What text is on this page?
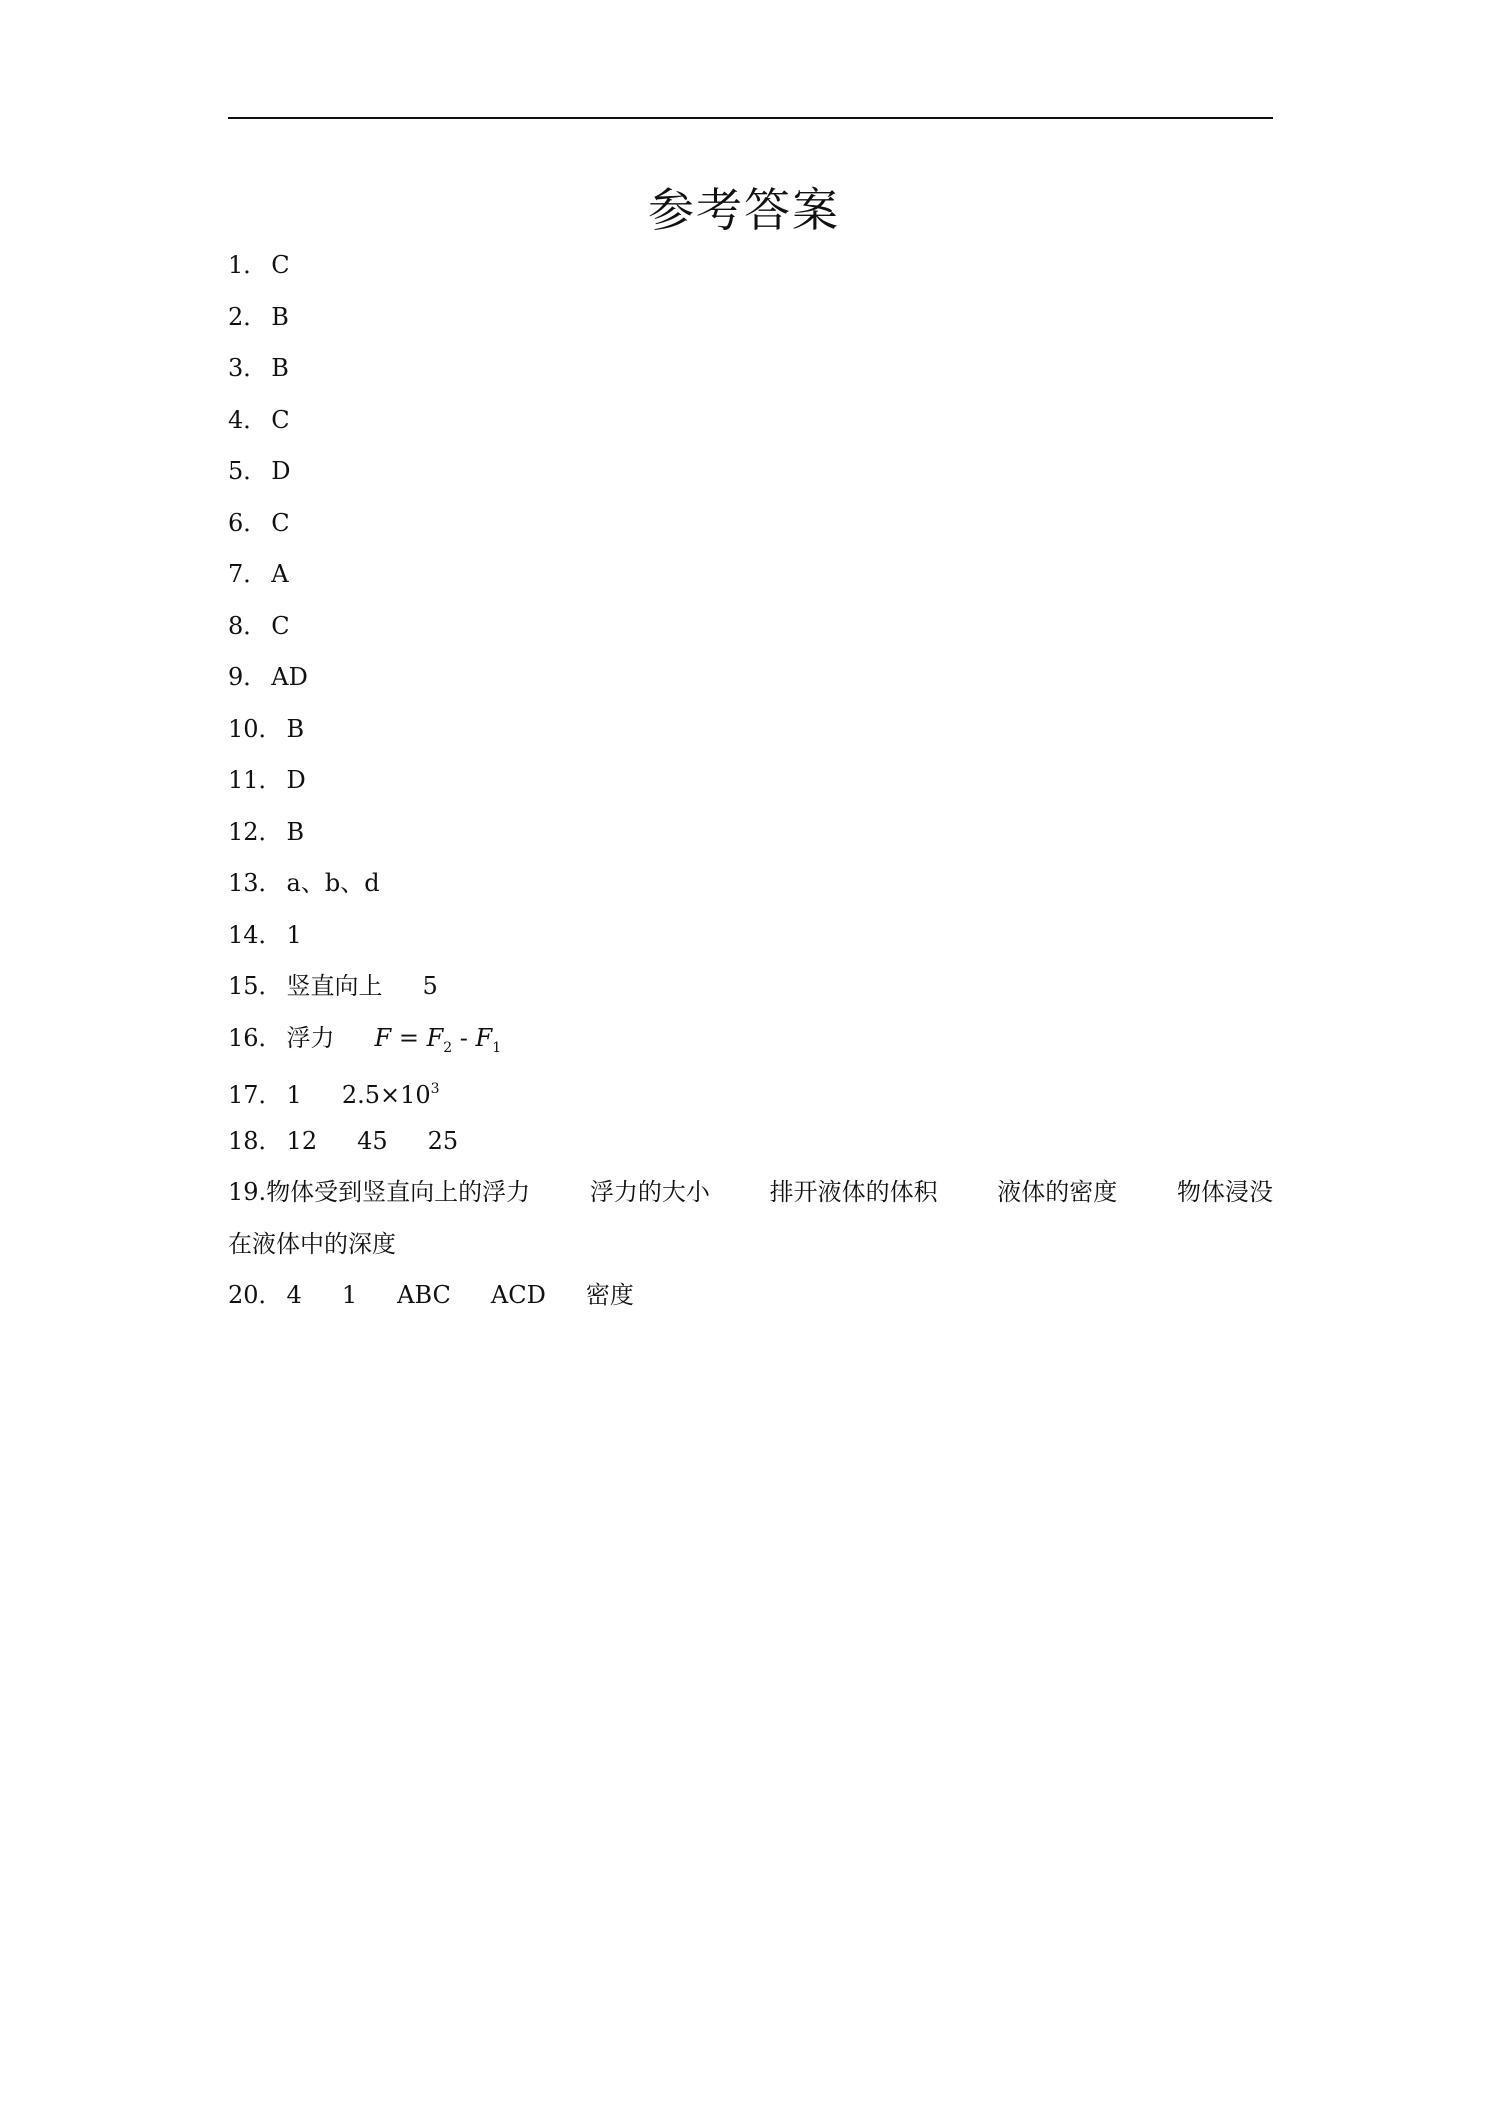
参考答案
1． C
2． B
3． B
4． C
5． D
6． C
7． A
8． C
9． AD
10． B
11． D
12． B
13． a、b、d
14． 1
15． 竖直向上 5
16． 浮力 $F = F_2 - F_1$
17． 1 $2.5\times 10^3$
18． 12 45 25
19.物体受到竖直向上的浮力 浮力的大小 排开液体的体积 液体的密度 物体浸没
在液体中的深度
20． 4 1 ABC ACD 密度
